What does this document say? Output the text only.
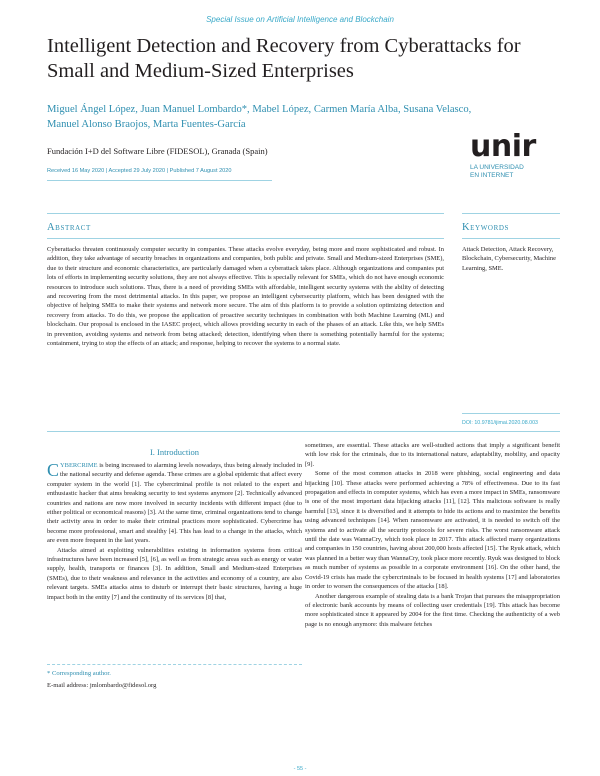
Special Issue on Artificial Intelligence and Blockchain
Intelligent Detection and Recovery from Cyberattacks for Small and Medium-Sized Enterprises
Miguel Ángel López, Juan Manuel Lombardo*, Mabel López, Carmen María Alba, Susana Velasco, Manuel Alonso Braojos, Marta Fuentes-García
Fundación I+D del Software Libre (FIDESOL), Granada (Spain)
Received 16 May 2020 | Accepted 29 July 2020 | Published 7 August 2020
unir
LA UNIVERSIDAD
EN INTERNET
Abstract
Cyberattacks threaten continuously computer security in companies. These attacks evolve everyday, being more and more sophisticated and robust. In addition, they take advantage of security breaches in organizations and companies, both public and private. Small and Medium-sized Enterprises (SME), due to their structure and economic characteristics, are particularly damaged when a cyberattack takes place. Although organizations and companies put lots of efforts in implementing security solutions, they are not always effective. This is specially relevant for SMEs, which do not have enough economic resources to introduce such solutions. Thus, there is a need of providing SMEs with affordable, intelligent security systems with the ability of detecting and recovering from the most detrimental attacks. In this paper, we propose an intelligent cybersecurity platform, which has been designed with the objective of helping SMEs to make their systems and network more secure. The aim of this platform is to provide a solution optimizing detection and recovery from attacks. To do this, we propose the application of proactive security techniques in combination with both Machine Learning (ML) and blockchain. Our proposal is enclosed in the IASEC project, which allows providing security in each of the phases of an attack. Like this, we help SMEs in prevention, avoiding systems and network from being attacked; detection, identifying when there is something potentially harmful for the systems; containment, trying to stop the effects of an attack; and response, helping to recover the systems to a normal state.
Keywords
Attack Detection, Attack Recovery, Blockchain, Cybersecurity, Machine Learning, SME.
DOI: 10.9781/ijimai.2020.08.003
I. Introduction

CYBERCRIME is being increased to alarming levels nowadays, thus being already included in the national security and defense agenda. These crimes are a global epidemic that affect every computer system in the world [1]. The cybercriminal profile is not related to the expert and enthusiastic hacker that aims breaking security to test systems anymore [2]. Technically advanced countries and nations are now more involved in security incidents with different impact (due to either political or economical reasons) [3]. At the same time, criminal organizations tend to change their activity area in order to make their criminal practices more sophisticated. Cybercrime has become more professional, smart and stealthy [4]. This has lead to a change in the attacks, which are even more frequent in the last years.

Attacks aimed at exploiting vulnerabilities existing in information systems from critical infrastructures have been increased [5], [6], as well as from strategic areas such as energy or water supply, health, transports or finances [3]. In addition, Small and Medium-sized Enterprises (SMEs), due to their weakness and relevance in the activities and economy of a country, are also relevant targets. SMEs attacks aims to disturb or interrupt their basic structures, having a huge impact both in the entity [7] and the continuity of its services [8] that,

sometimes, are essential. These attacks are well-studied actions that imply a significant benefit with low risk for the criminals, due to its international nature, adaptability, mobility, and opacity [9].

Some of the most common attacks in 2018 were phishing, social engineering and data hijacking [10]. These attacks were performed achieving a 78% of effectiveness. Due to its fast propagation and effects in computer systems, which has even a more impact in SMEs, ransomware is one of the most important data hijacking attacks [11], [12]. This malicious software is really harmful [13], since it is diversified and it attempts to hide its actions and to maximize the benefits using advanced techniques [14]. When ransomware are activated, it is needed to switch off the systems and to activate all the security protocols for severe risks. The worst ransomware attack until the date was WannaCry, which took place in 2017. This attack affected many organizations and companies in 150 countries, having about 200,000 hosts affected [15]. The Ryuk attack, which was planned in a better way than WannaCry, took place more recently. Ryuk was designed to block as much number of systems as possible in a corporate environment [16]. On the other hand, the Covid-19 crisis has made the cybercriminals to be focused in health systems [17] and laboratories in order to worsen the consequences of the attacks [18].

Another dangerous example of stealing data is a bank Trojan that pursues the misappropriation of electronic bank accounts by means of collecting user credentials [19]. This attack has become more sophisticated since it appeared by 2004 for the first time. Checking the authenticity of a web page is no enough anymore: this malware fetches

* Corresponding author.
E-mail address: jmlombardo@fidesol.org
- 55 -
